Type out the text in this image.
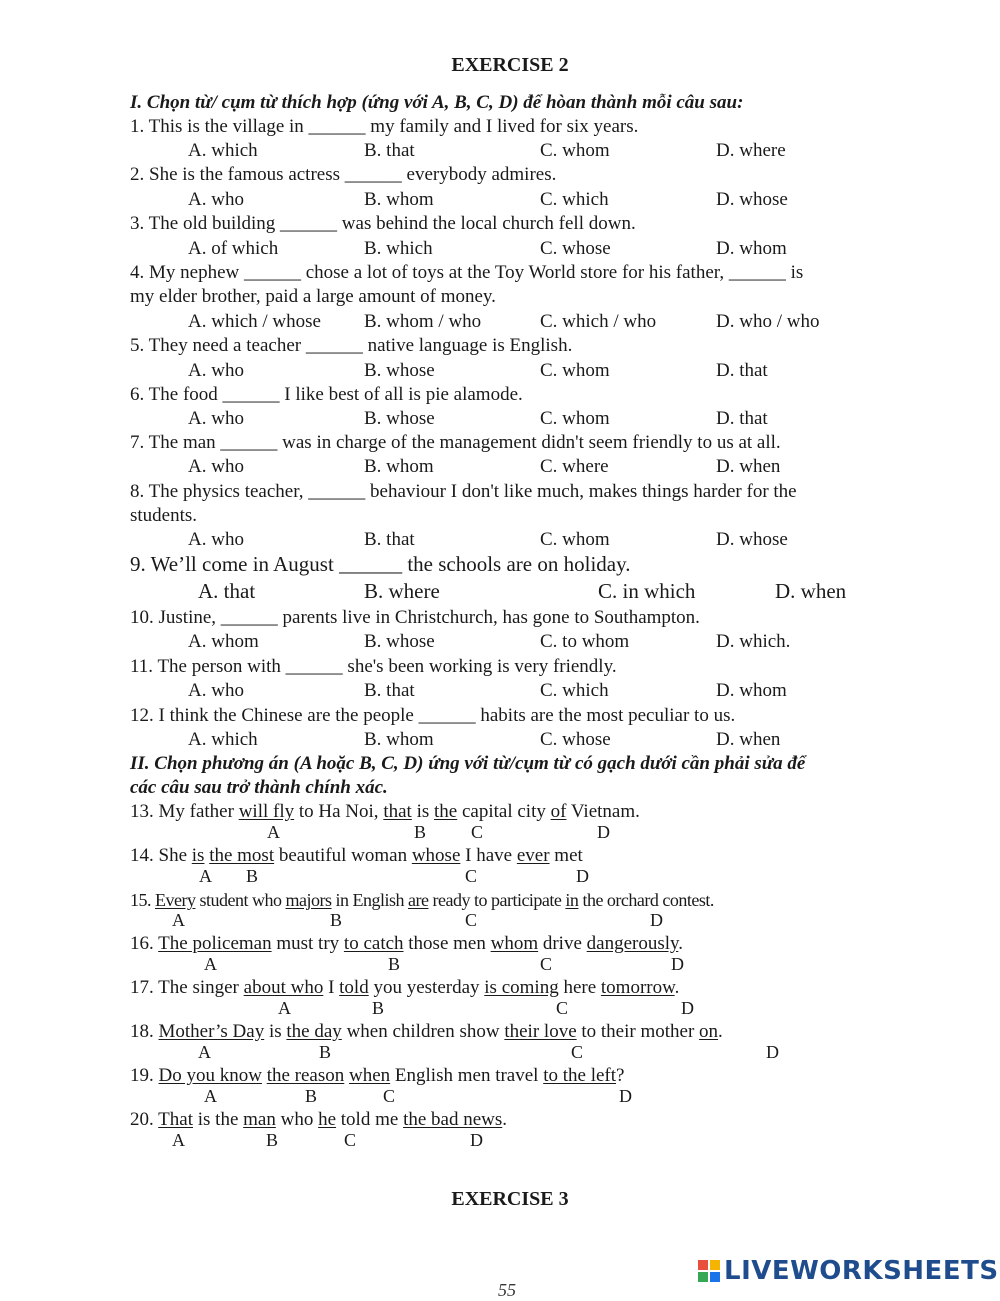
EXERCISE 2
I. Chọn từ/ cụm từ thích hợp (ứng với A, B, C, D) để hòan thành mỗi câu sau:
1. This is the village in ______ my family and I lived for six years.
A. which	B. that	C. whom	D. where
2. She is the famous actress ______ everybody admires.
A. who	B. whom	C. which	D. whose
3. The old building ______ was behind the local church fell down.
A. of which	B. which	C. whose	D. whom
4. My nephew ______ chose a lot of toys at the Toy World store for his father, ______ is
my elder brother, paid a large amount of money.
A. which / whose B. whom / who	C. which / who	D. who / who
5. They need a teacher ______ native language is English.
A. who	B. whose	C. whom	D. that
6. The food ______ I like best of all is pie alamode.
A. who	B. whose	C. whom	D. that
7. The man ______ was in charge of the management didn't seem friendly to us at all.
A. who	B. whom	C. where	D. when
8. The physics teacher, ______ behaviour I don't like much, makes things harder for the
students.
A. who	B. that	C. whom	D. whose
9. We’ll come in August ______ the schools are on holiday.
A. that	B. where	C. in which	D. when
10. Justine, ______ parents live in Christchurch, has gone to Southampton.
A. whom	B. whose	C. to whom	D. which.
11. The person with ______ she's been working is very friendly.
A. who	B. that	C. which	D. whom
12. I think the Chinese are the people ______ habits are the most peculiar to us.
A. which	B. whom	C. whose	D. when
II. Chọn phương án (A hoặc B, C, D) ứng với từ/cụm từ có gạch dưới cần phải sửa để
các câu sau trở thành chính xác.
13. My father will fly to Ha Noi, that is the capital city of Vietnam.
A	B C	D
14. She is the most beautiful woman whose I have ever met
A B	C	D
15. Every student who majors in English are ready to participate in the orchard contest.
A	B	C	D
16. The policeman must try to catch those men whom drive dangerously.
A	B	C	D
17. The singer about who I told you yesterday is coming here tomorrow.
A	B	C	D
18. Mother’s Day is the day when children show their love to their mother on.
A	B	C	D
19. Do you know the reason when English men travel to the left?
A	B	C	D
20. That is the man who he told me the bad news.
A	B	C	D
EXERCISE 3
55
LIVEWORKSHEETS
